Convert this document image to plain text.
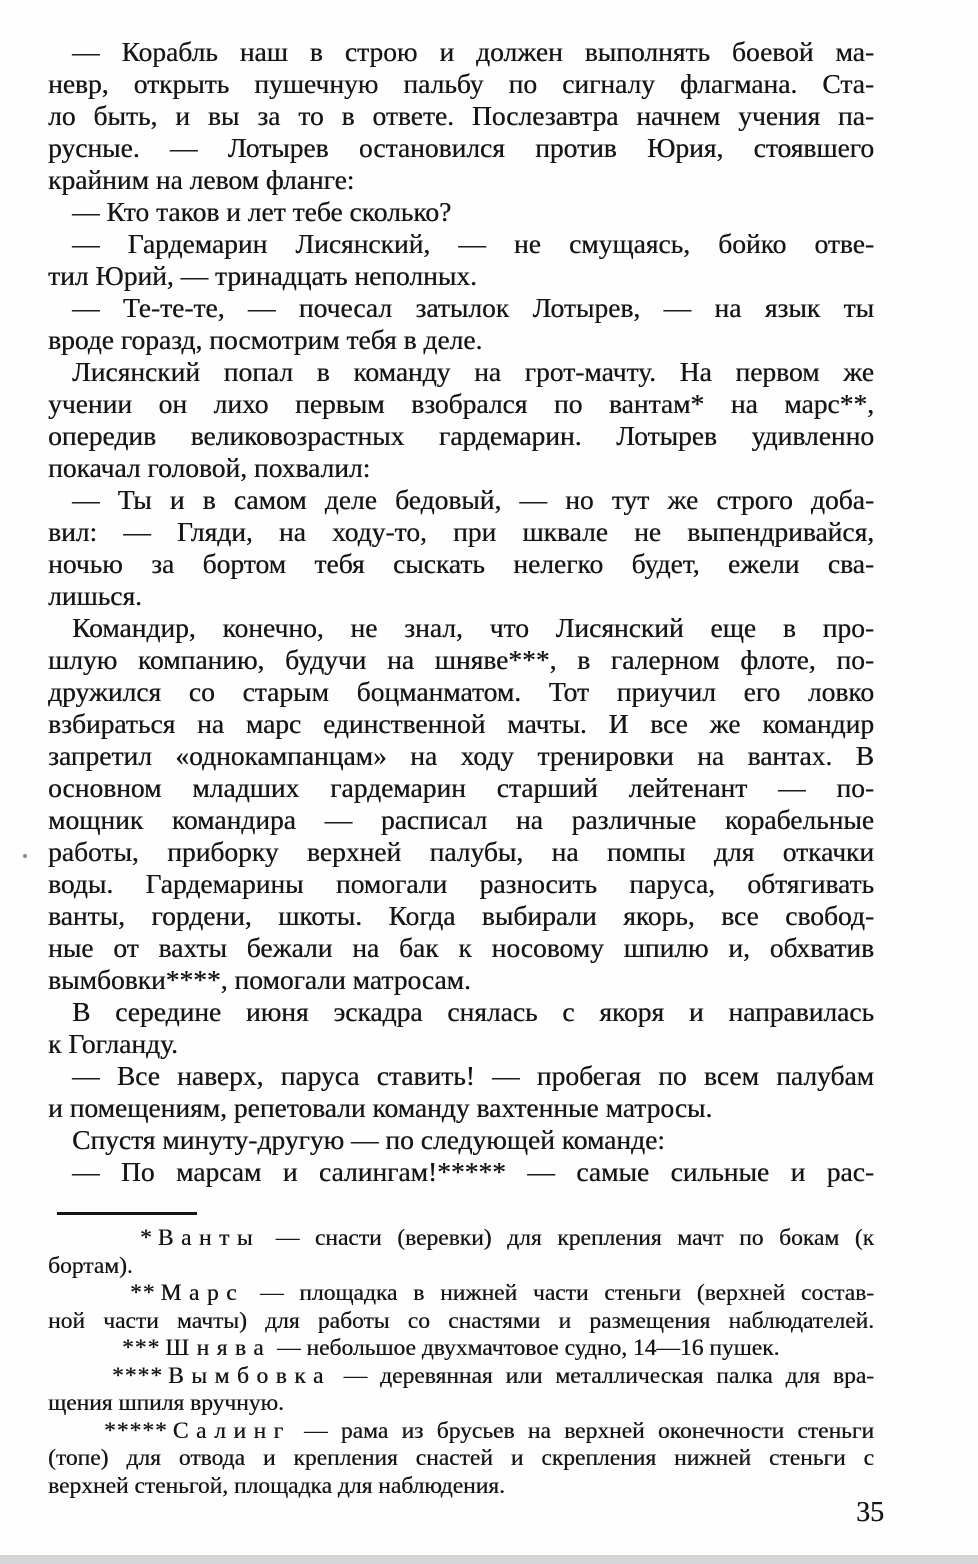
— Корабль наш в строю и должен выполнять боевой ма-
невр, открыть пушечную пальбу по сигналу флагмана. Ста-
ло быть, и вы за то в ответе. Послезавтра начнем учения па-
русные. — Лотырев остановился против Юрия, стоявшего
крайним на левом фланге:
— Кто таков и лет тебе сколько?
— Гардемарин Лисянский, — не смущаясь, бойко отве-
тил Юрий, — тринадцать неполных.
— Те-те-те, — почесал затылок Лотырев, — на язык ты
вроде горазд, посмотрим тебя в деле.
Лисянский попал в команду на грот-мачту. На первом же
учении он лихо первым взобрался по вантам* на марс**,
опередив великовозрастных гардемарин. Лотырев удивленно
покачал головой, похвалил:
— Ты и в самом деле бедовый, — но тут же строго доба-
вил: — Гляди, на ходу-то, при шквале не выпендривайся,
ночью за бортом тебя сыскать нелегко будет, ежели сва-
лишься.
Командир, конечно, не знал, что Лисянский еще в про-
шлую компанию, будучи на шняве***, в галерном флоте, по-
дружился со старым боцманматом. Тот приучил его ловко
взбираться на марс единственной мачты. И все же командир
запретил «однокампанцам» на ходу тренировки на вантах. В
основном младших гардемарин старший лейтенант — по-
мощник командира — расписал на различные корабельные
работы, приборку верхней палубы, на помпы для откачки
воды. Гардемарины помогали разносить паруса, обтягивать
ванты, гордени, шкоты. Когда выбирали якорь, все свобод-
ные от вахты бежали на бак к носовому шпилю и, обхватив
вымбовки****, помогали матросам.
В середине июня эскадра снялась с якоря и направилась
к Гогланду.
— Все наверх, паруса ставить! — пробегая по всем палубам
и помещениям, репетовали команду вахтенные матросы.
Спустя минуту-другую — по следующей команде:
— По марсам и салингам!***** — самые сильные и рас-
* Ванты — снасти (веревки) для крепления мачт по бокам (к
бортам).
** Марс — площадка в нижней части стеньги (верхней состав-
ной части мачты) для работы со снастями и размещения наблюдателей.
*** Шнява — небольшое двухмачтовое судно, 14—16 пушек.
**** Вымбовка — деревянная или металлическая палка для вра-
щения шпиля вручную.
***** Салинг — рама из брусьев на верхней оконечности стеньги
(топе) для отвода и крепления снастей и скрепления нижней стеньги с
верхней стеньгой, площадка для наблюдения.
35
